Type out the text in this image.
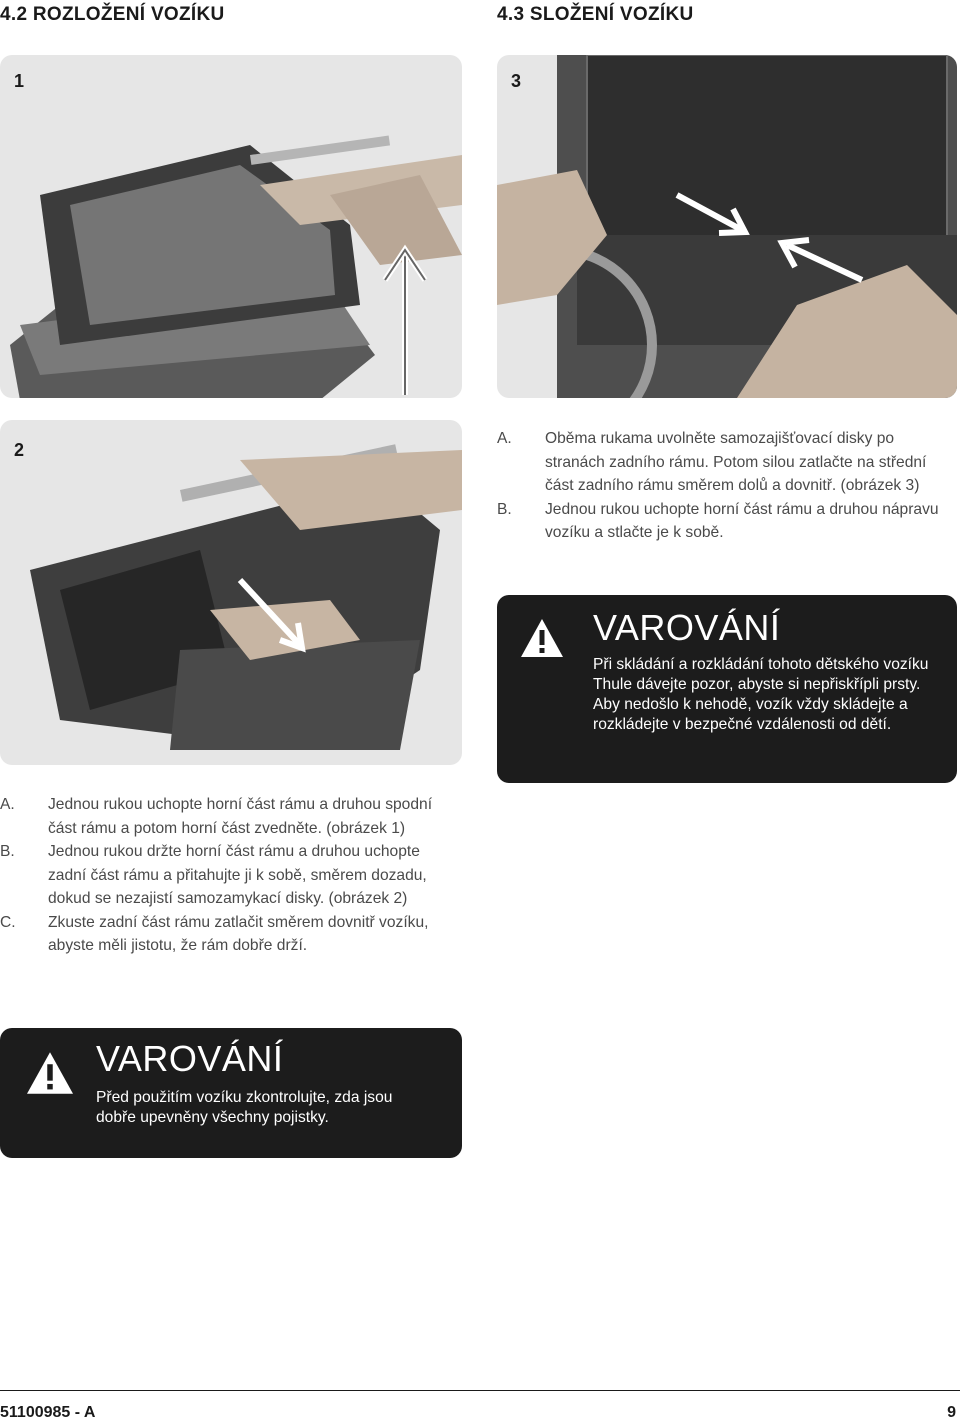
4.2 ROZLOŽENÍ VOZÍKU	4.3 SLOŽENÍ VOZÍKU
1	3
2
A. Oběma rukama uvolněte samozajišťovací disky po stranách zadního rámu. Potom silou zatlačte na střední část zadního rámu směrem dolů a dovnitř. (obrázek 3)
B. Jednou rukou uchopte horní část rámu a druhou nápravu vozíku a stlačte je k sobě.
VAROVÁNÍ
Při skládání a rozkládání tohoto dětského vozíku Thule dávejte pozor, abyste si nepřiskřípli prsty. Aby nedošlo k nehodě, vozík vždy skládejte a rozkládejte v bezpečné vzdálenosti od dětí.
A. Jednou rukou uchopte horní část rámu a druhou spodní část rámu a potom horní část zvedněte. (obrázek 1)
B. Jednou rukou držte horní část rámu a druhou uchopte zadní část rámu a přitahujte ji k sobě, směrem dozadu, dokud se nezajistí samozamykací disky. (obrázek 2)
C. Zkuste zadní část rámu zatlačit směrem dovnitř vozíku, abyste měli jistotu, že rám dobře drží.
VAROVÁNÍ
Před použitím vozíku zkontrolujte, zda jsou dobře upevněny všechny pojistky.
51100985 - A	9
